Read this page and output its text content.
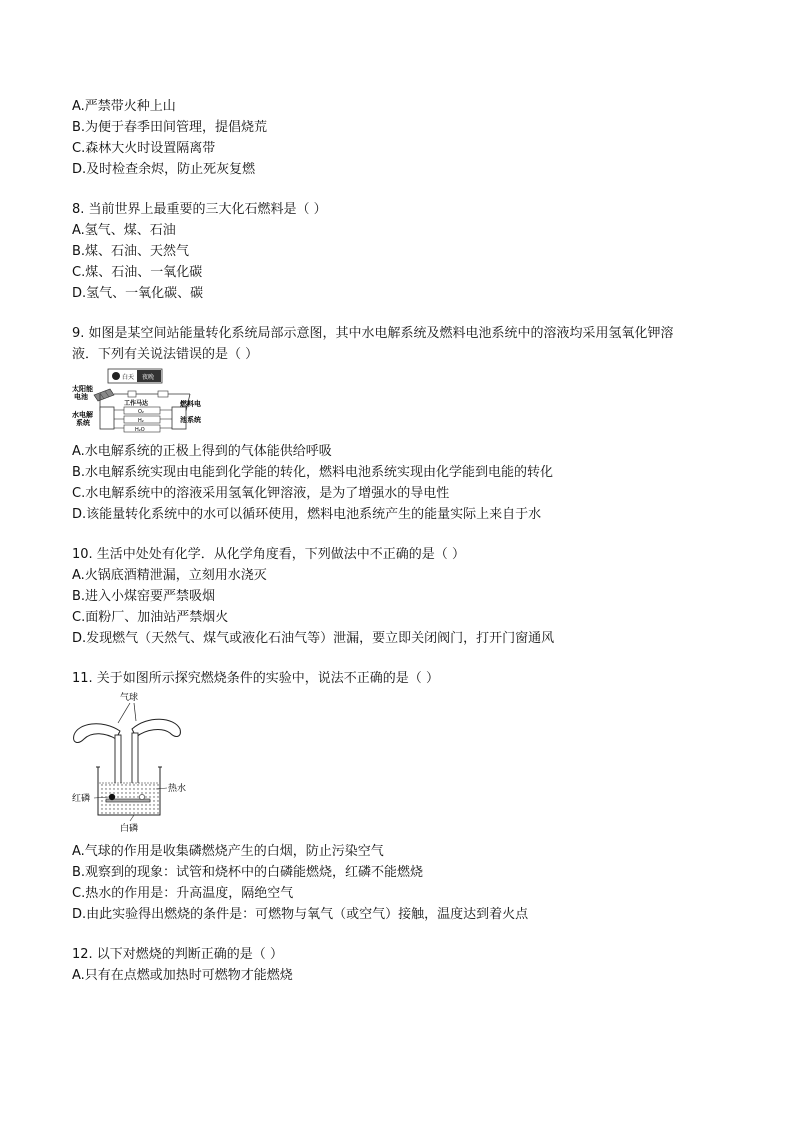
A.严禁带火种上山
B.为便于春季田间管理，提倡烧荒
C.森林大火时设置隔离带
D.及时检查余烬，防止死灰复燃
8. 当前世界上最重要的三大化石燃料是（ ）
A.氢气、煤、石油
B.煤、石油、天然气
C.煤、石油、一氧化碳
D.氢气、一氧化碳、碳
9. 如图是某空间站能量转化系统局部示意图，其中水电解系统及燃料电池系统中的溶液均采用氢氧化钾溶
液．下列有关说法错误的是（ ）
白天 夜晚
太阳能
电池
工作马达
水电解
系统
O₂
H₂
H₂O
燃料电
池系统
A.水电解系统的正极上得到的气体能供给呼吸
B.水电解系统实现由电能到化学能的转化，燃料电池系统实现由化学能到电能的转化
C.水电解系统中的溶液采用氢氧化钾溶液，是为了增强水的导电性
D.该能量转化系统中的水可以循环使用，燃料电池系统产生的能量实际上来自于水
10. 生活中处处有化学．从化学角度看，下列做法中不正确的是（ ）
A.火锅底酒精泄漏，立刻用水浇灭
B.进入小煤窑要严禁吸烟
C.面粉厂、加油站严禁烟火
D.发现燃气（天然气、煤气或液化石油气等）泄漏，要立即关闭阀门，打开门窗通风
11. 关于如图所示探究燃烧条件的实验中，说法不正确的是（ ）
气球
热水
红磷
白磷
A.气球的作用是收集磷燃烧产生的白烟，防止污染空气
B.观察到的现象：试管和烧杯中的白磷能燃烧，红磷不能燃烧
C.热水的作用是：升高温度，隔绝空气
D.由此实验得出燃烧的条件是：可燃物与氧气（或空气）接触，温度达到着火点
12. 以下对燃烧的判断正确的是（ ）
A.只有在点燃或加热时可燃物才能燃烧
